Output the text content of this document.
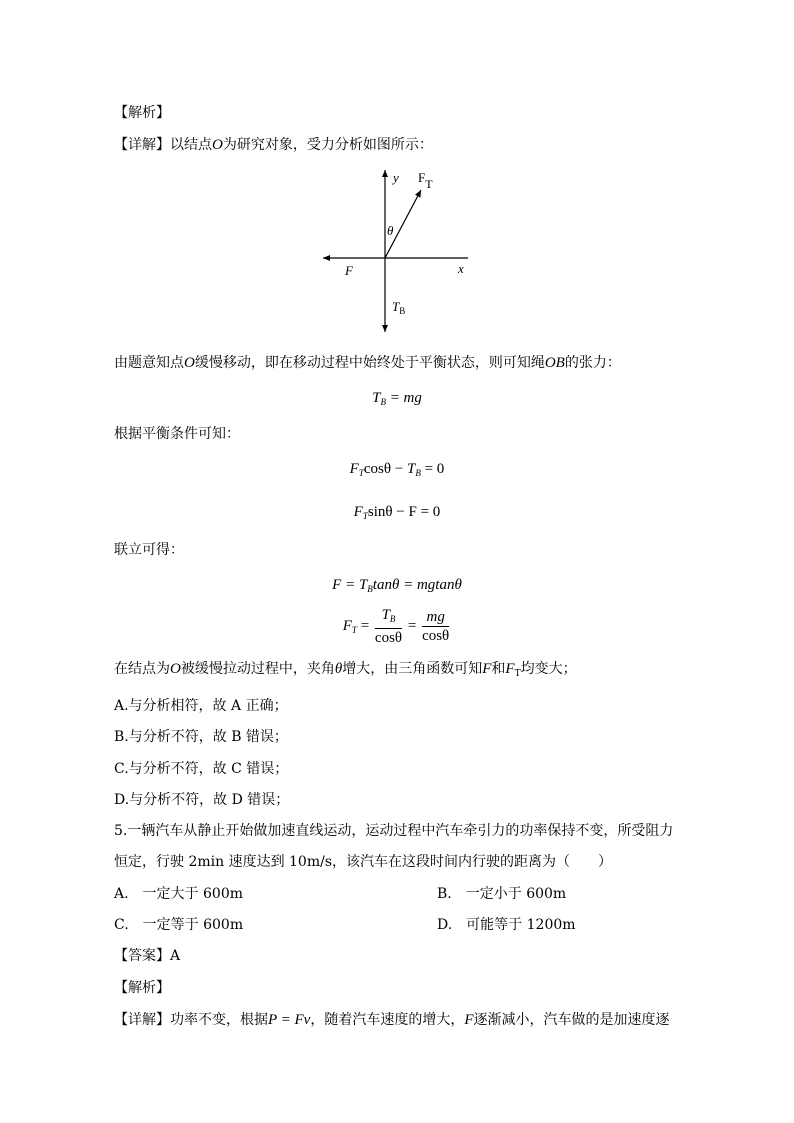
【解析】
【详解】以结点O为研究对象，受力分析如图所示：
y
x
FT
θ
F
$T_B$
由题意知点O缓慢移动，即在移动过程中始终处于平衡状态，则可知绳OB的张力：
$T_B$ = mg
根据平衡条件可知：
$F_T\cos\theta - T_B = 0$
$F_T\sin\theta - F = 0$
联立可得：
$F = T_B\tan\theta = mgtan\theta$
$F_T = \frac{T_B}{\cos\theta} = \frac{mg}{\cos\theta}$
在结点为O被缓慢拉动过程中，夹角θ增大，由三角函数可知F和$F_T$均变大；
A.与分析相符，故 A 正确；
B.与分析不符，故 B 错误；
C.与分析不符，故 C 错误；
D.与分析不符，故 D 错误；
5.一辆汽车从静止开始做加速直线运动，运动过程中汽车牵引力的功率保持不变，所受阻力
恒定，行驶 2min 速度达到 10m/s，该汽车在这段时间内行驶的距离为（　　）
A.　一定大于 600m	B.　一定小于 600m
C.　一定等于 600m	D.　可能等于 1200m
【答案】A
【解析】
【详解】功率不变，根据P = Fv，随着汽车速度的增大，F逐渐减小，汽车做的是加速度逐
